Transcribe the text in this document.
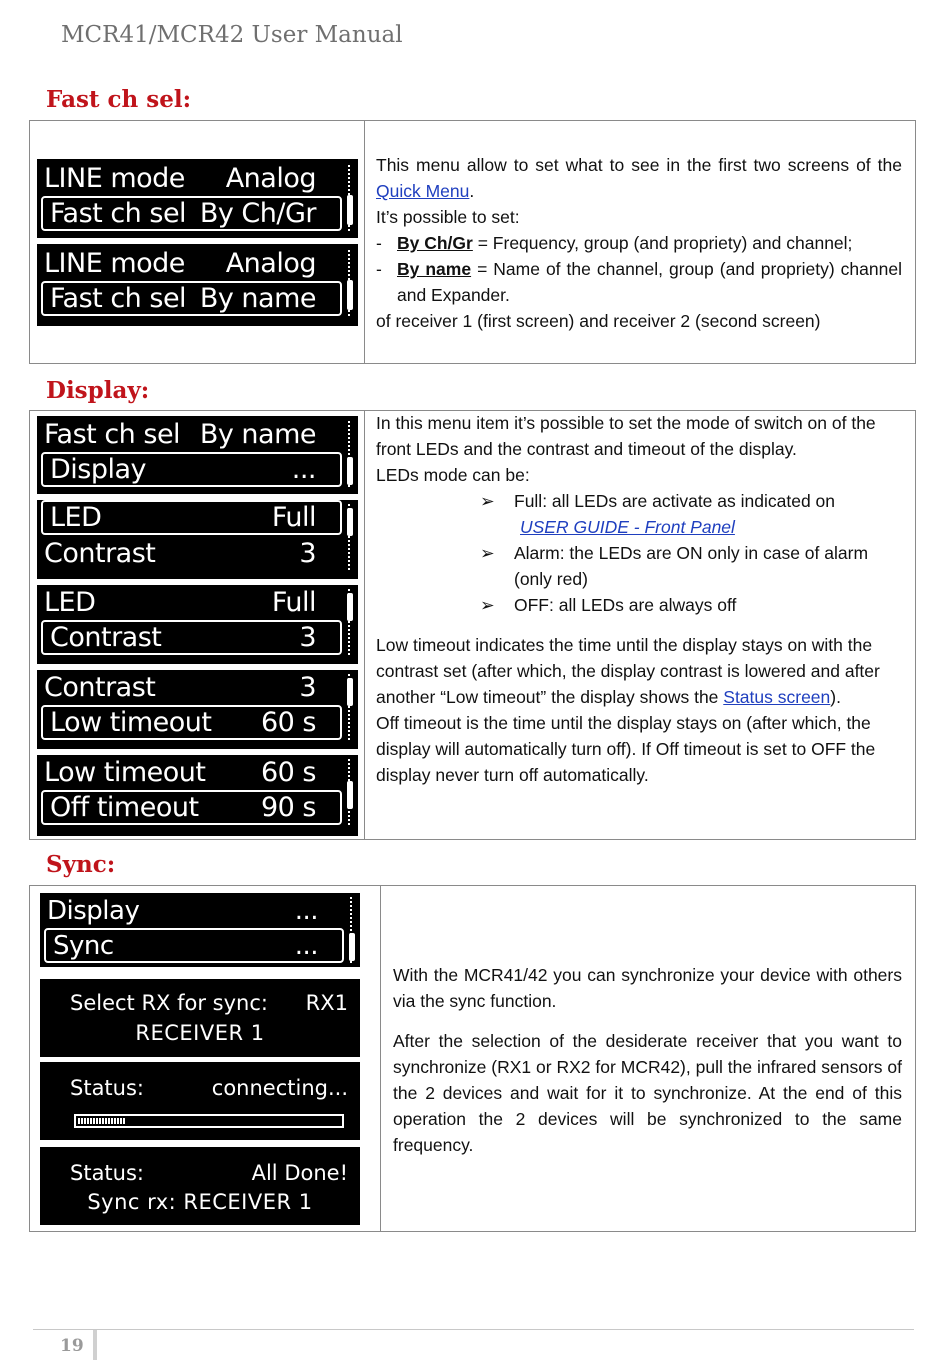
MCR41/MCR42 User Manual
Fast ch sel:
LINE mode Analog
Fast ch sel By Ch/Gr
LINE mode Analog
Fast ch sel By name

This menu allow to set what to see in the first two screens of the Quick Menu.

It’s possible to set:

- By Ch/Gr = Frequency, group (and propriety) and channel;

- By name = Name of the channel, group (and propriety) channel and Expander.

of receiver 1 (first screen) and receiver 2 (second screen)

Display:
Fast ch sel By name
Display	...
LED	Full
Contrast	3
LED	Full
Contrast	3
Contrast	3
Low timeout 60 s
Low timeout 60 s
Off timeout 90 s

In this menu item it’s possible to set the mode of switch on of the front LEDs and the contrast and timeout of the display.

LEDs mode can be:

➢	Full: all LEDs are activate as indicated on
USER GUIDE - Front Panel

➢	Alarm: the LEDs are ON only in case of alarm (only red)

➢	OFF: all LEDs are always off

Low timeout indicates the time until the display stays on with the contrast set (after which, the display contrast is lowered and after another “Low timeout” the display shows the Status screen).

Off timeout is the time until the display stays on (after which, the display will automatically turn off). If Off timeout is set to OFF the display never turn off automatically.

Sync:
Display	...
Sync	...
Select RX for sync: RX1
RECEIVER 1
Status:	connecting...
Status:	All Done!
Sync rx: RECEIVER 1

With the MCR41/42 you can synchronize your device with others via the sync function.

After the selection of the desiderate receiver that you want to synchronize (RX1 or RX2 for MCR42), pull the infrared sensors of the 2 devices and wait for it to synchronize. At the end of this operation the 2 devices will be synchronized to the same frequency.

19
